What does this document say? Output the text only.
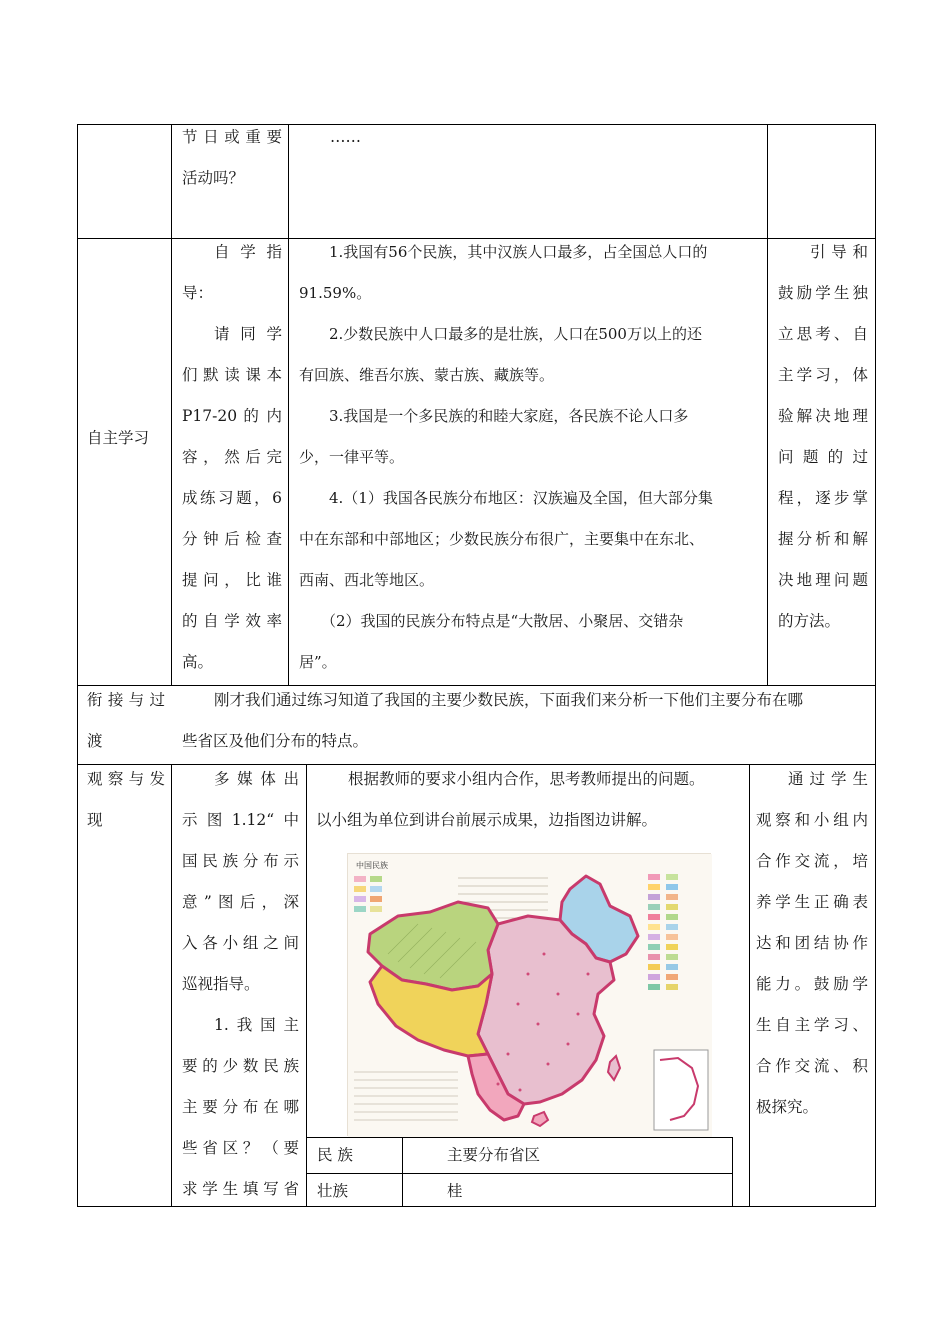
节日或重要

活动吗？

……

自主学习

自 学 指

导：

请 同 学

们默读课本

P17-20 的 内

容，然后完

成练习题，6

分钟后检查

提问，比谁

的自学效率

高。

1.我国有56个民族，其中汉族人口最多，占全国总人口的

91.59%。

2.少数民族中人口最多的是壮族，人口在500万以上的还

有回族、维吾尔族、蒙古族、藏族等。

3.我国是一个多民族的和睦大家庭，各民族不论人口多

少，一律平等。

4.（1）我国各民族分布地区：汉族遍及全国，但大部分集

中在东部和中部地区；少数民族分布很广，主要集中在东北、

西南、西北等地区。

（2）我国的民族分布特点是“大散居、小聚居、交错杂

居”。

引导和

鼓励学生独

立思考、自

主学习，体

验解决地理

问题的过

程，逐步掌

握分析和解

决地理问题

的方法。

衔接与过

渡

刚才我们通过练习知道了我国的主要少数民族，下面我们来分析一下他们主要分布在哪

些省区及他们分布的特点。

观察与发

现

多媒体出

示图1.12“中

国民族分布示

意”图后，深

入各小组之间

巡视指导。

1.我国主

要的少数民族

主要分布在哪

些省区？（要

求学生填写省

根据教师的要求小组内合作，思考教师提出的问题。

以小组为单位到讲台前展示成果，边指图边讲解。

中国民族
民 族	主要分布省区
壮族	桂

通过学生

观察和小组内

合作交流，培

养学生正确表

达和团结协作

能力。鼓励学

生自主学习、

合作交流、积

极探究。
